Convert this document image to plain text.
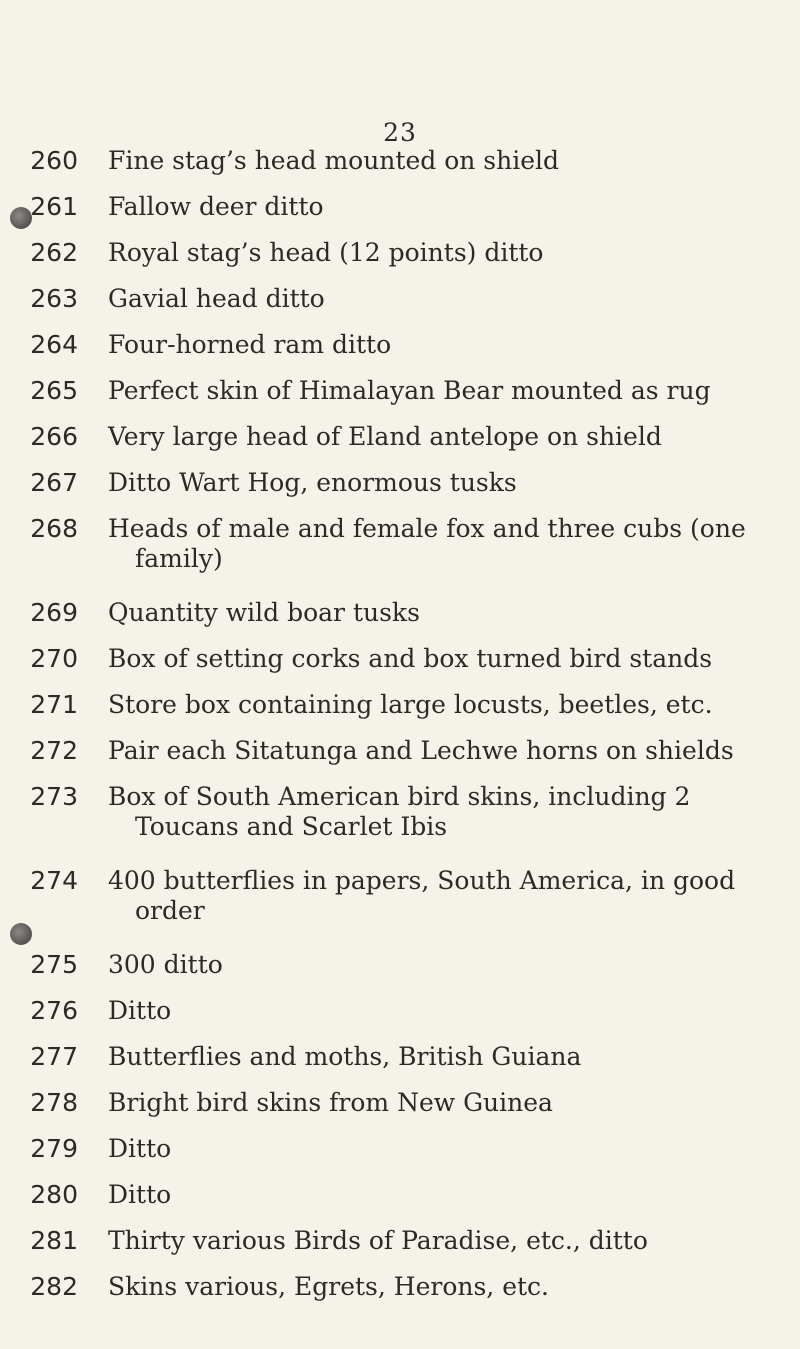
23
260 Fine stag’s head mounted on shield
261 Fallow deer ditto
262 Royal stag’s head (12 points) ditto
263 Gavial head ditto
264 Four-horned ram ditto
265 Perfect skin of Himalayan Bear mounted as rug
266 Very large head of Eland antelope on shield
267 Ditto Wart Hog, enormous tusks
268 Heads of male and female fox and three cubs (one
family)
269 Quantity wild boar tusks
270 Box of setting corks and box turned bird stands
271 Store box containing large locusts, beetles, etc.
272 Pair each Sitatunga and Lechwe horns on shields
273 Box of South American bird skins, including 2
Toucans and Scarlet Ibis
274 400 butterflies in papers, South America, in good
order
275 300 ditto
276 Ditto
277 Butterflies and moths, British Guiana
278 Bright bird skins from New Guinea
279 Ditto
280 Ditto
281 Thirty various Birds of Paradise, etc., ditto
282 Skins various, Egrets, Herons, etc.
